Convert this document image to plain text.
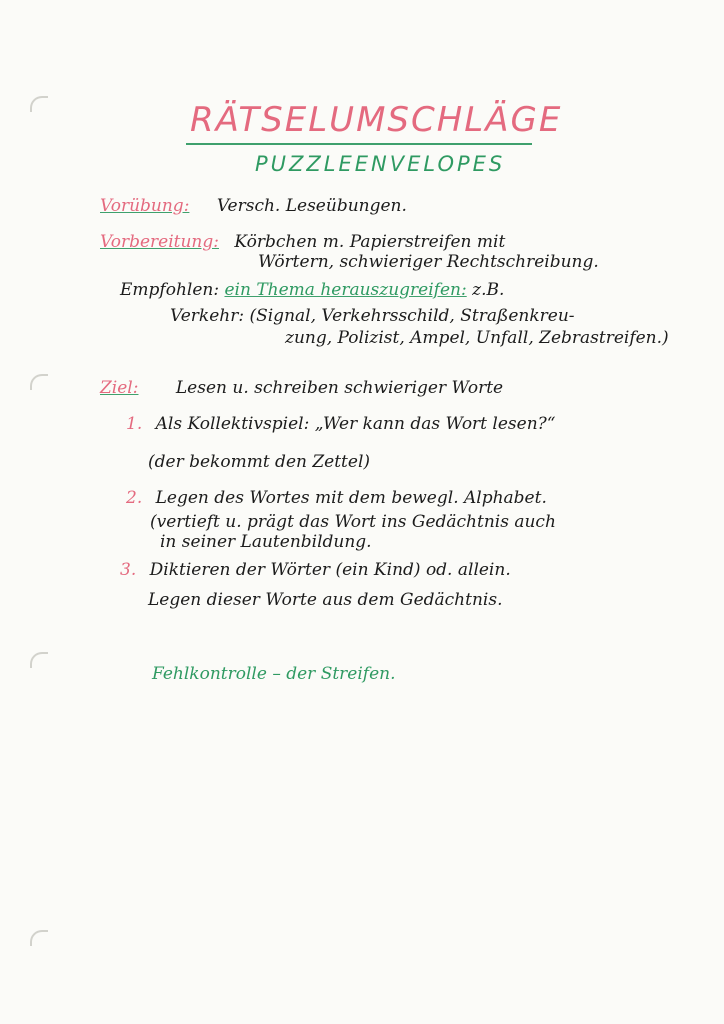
RÄTSELUMSCHLÄGE
PUZZLEENVELOPES
Vorübung: Versch. Leseübungen.
Vorbereitung: Körbchen m. Papierstreifen mit
Wörtern, schwieriger Rechtschreibung.
Empfohlen: ein Thema herauszugreifen: z.B.
Verkehr: (Signal, Verkehrsschild, Straßenkreu-
zung, Polizist, Ampel, Unfall, Zebrastreifen.)
Ziel: Lesen u. schreiben schwieriger Worte
1. Als Kollektivspiel: „Wer kann das Wort lesen?“
(der bekommt den Zettel)
2. Legen des Wortes mit dem bewegl. Alphabet.
(vertieft u. prägt das Wort ins Gedächtnis auch
in seiner Lautenbildung.
3. Diktieren der Wörter (ein Kind) od. allein.
Legen dieser Worte aus dem Gedächtnis.
Fehlkontrolle – der Streifen.
